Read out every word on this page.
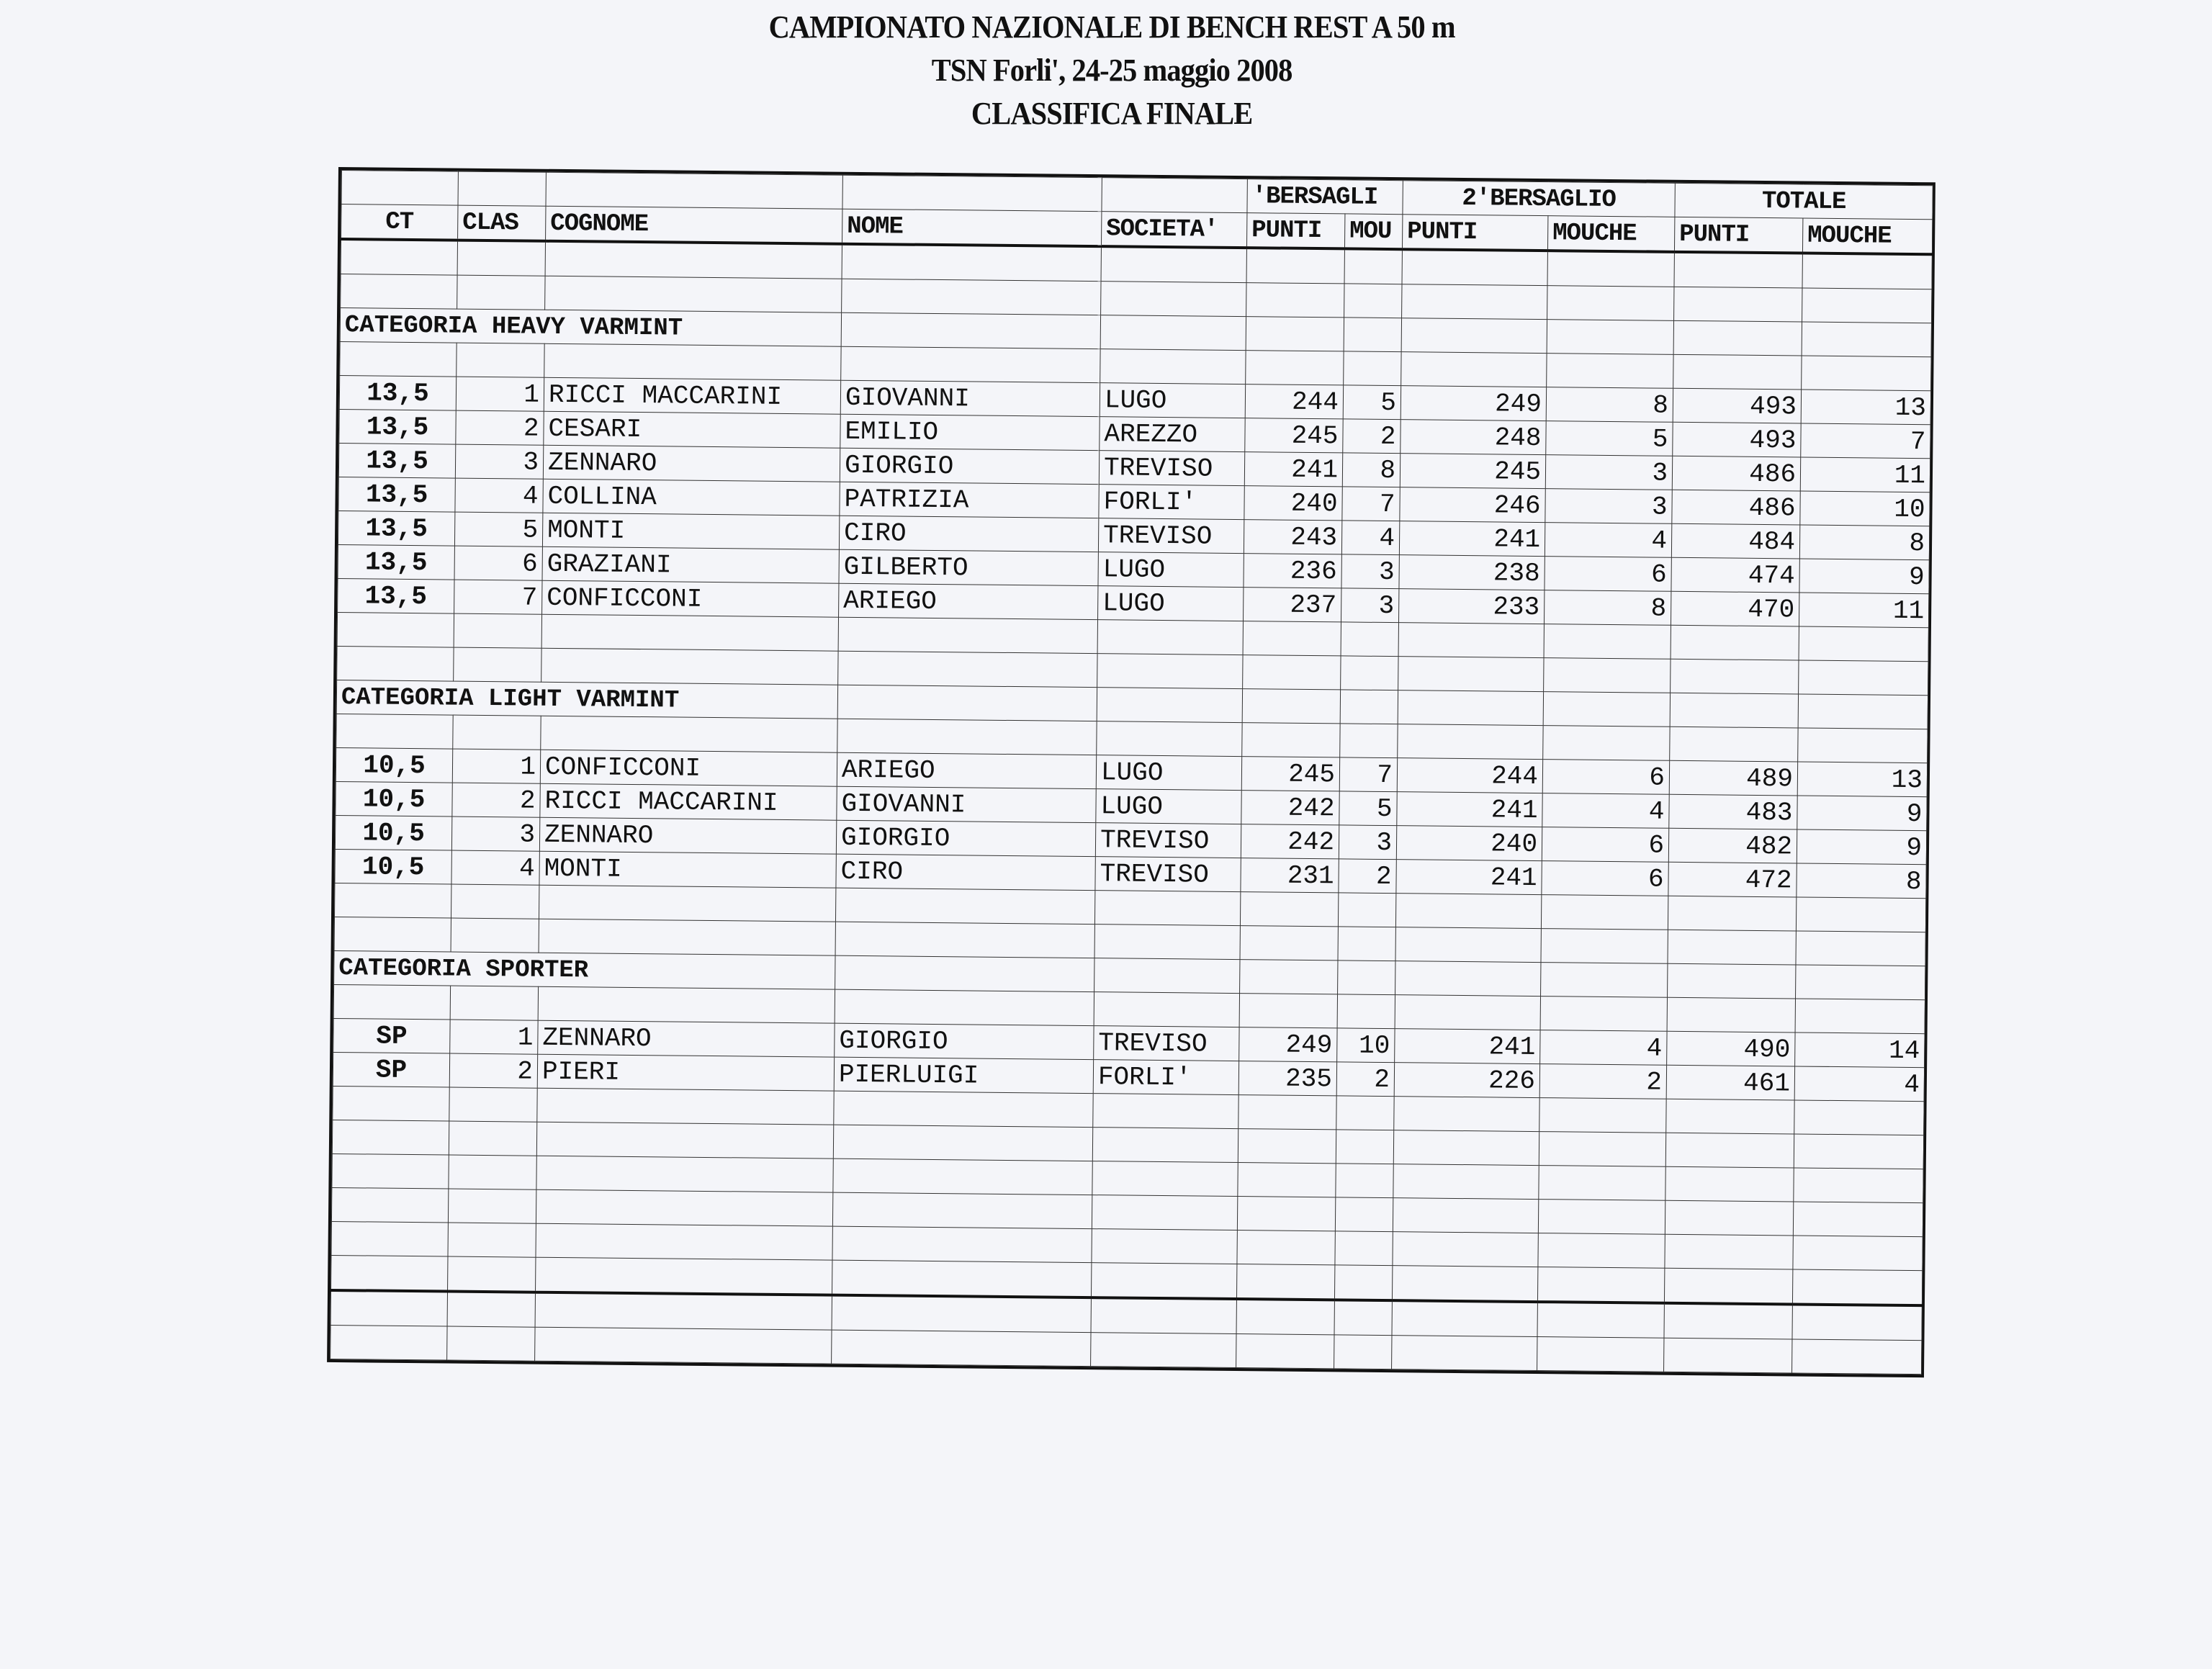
CAMPIONATO NAZIONALE DI BENCH REST A 50 m
TSN Forli', 24-25 maggio 2008
CLASSIFICA FINALE
					'BERSAGLI		2'BERSAGLIO		TOTALE	
CT	CLAS	COGNOME	NOME	SOCIETA'	PUNTI	MOU	PUNTI	MOUCHE	PUNTI	MOUCHE

CATEGORIA HEAVY VARMINT										

13,5	1	RICCI MACCARINI	GIOVANNI	LUGO	244	5	249	8	493	13
13,5	2	CESARI	EMILIO	AREZZO	245	2	248	5	493	7
13,5	3	ZENNARO	GIORGIO	TREVISO	241	8	245	3	486	11
13,5	4	COLLINA	PATRIZIA	FORLI'	240	7	246	3	486	10
13,5	5	MONTI	CIRO	TREVISO	243	4	241	4	484	8
13,5	6	GRAZIANI	GILBERTO	LUGO	236	3	238	6	474	9
13,5	7	CONFICCONI	ARIEGO	LUGO	237	3	233	8	470	11

CATEGORIA LIGHT VARMINT										

10,5	1	CONFICCONI	ARIEGO	LUGO	245	7	244	6	489	13
10,5	2	RICCI MACCARINI	GIOVANNI	LUGO	242	5	241	4	483	9
10,5	3	ZENNARO	GIORGIO	TREVISO	242	3	240	6	482	9
10,5	4	MONTI	CIRO	TREVISO	231	2	241	6	472	8

CATEGORIA SPORTER										

SP	1	ZENNARO	GIORGIO	TREVISO	249	10	241	4	490	14
SP	2	PIERI	PIERLUIGI	FORLI'	235	2	226	2	461	4
